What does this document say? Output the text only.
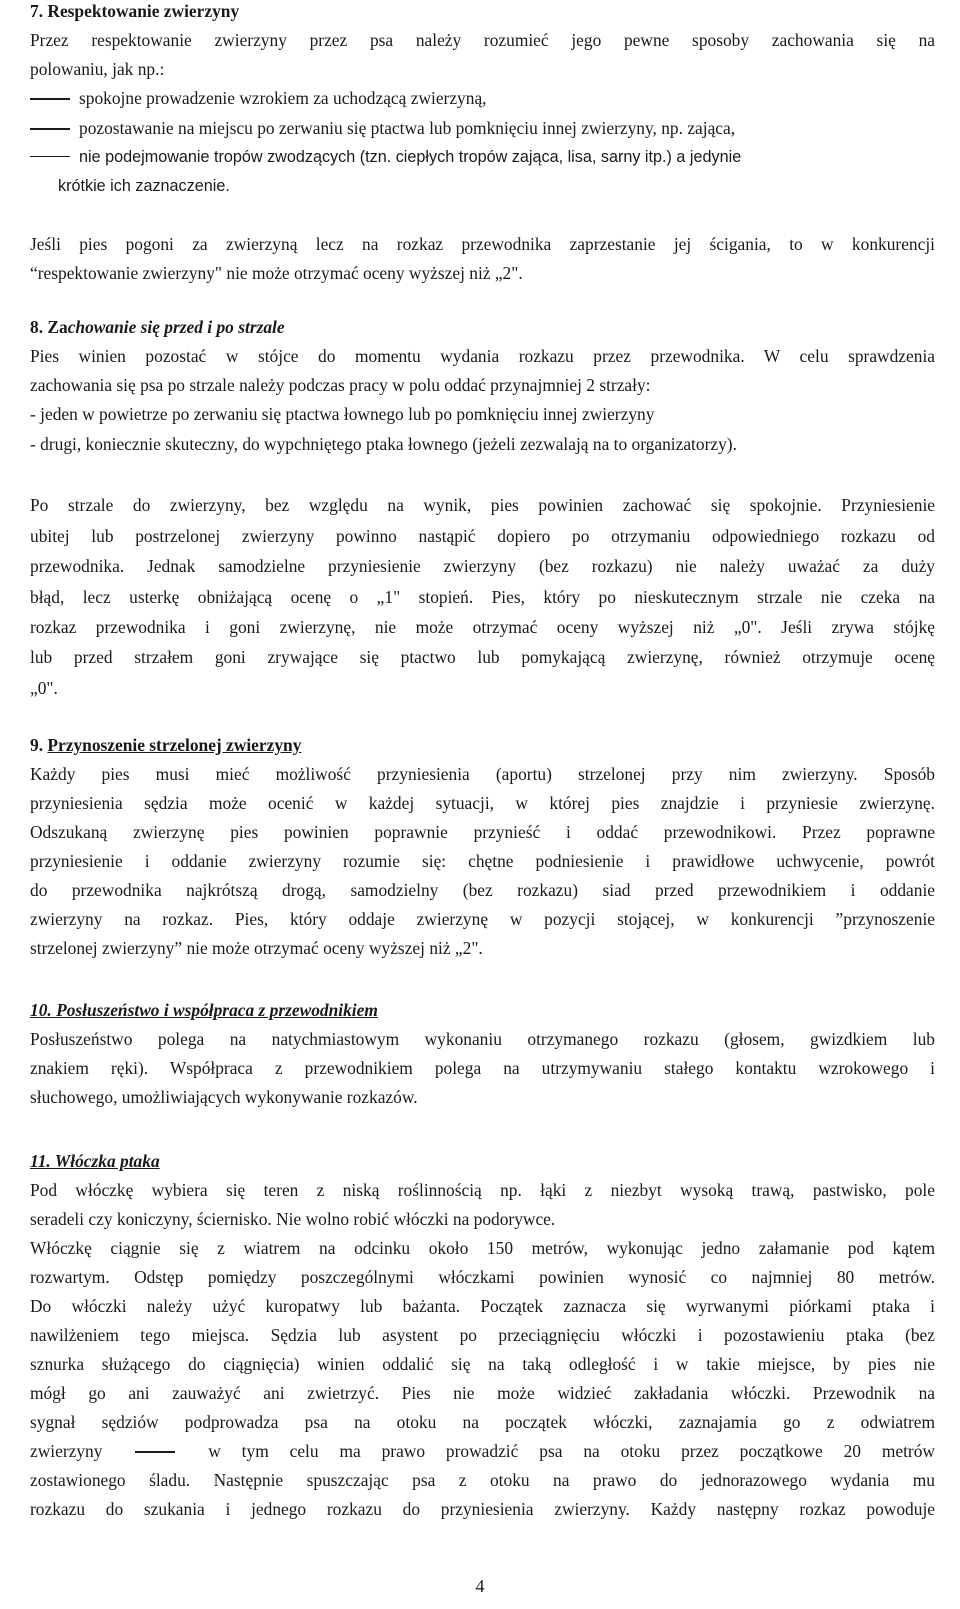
7. Respektowanie zwierzyny
Przez respektowanie zwierzyny przez psa należy rozumieć jego pewne sposoby zachowania się na
polowaniu, jak np.:
spokojne prowadzenie wzrokiem za uchodzącą zwierzyną,
pozostawanie na miejscu po zerwaniu się ptactwa lub pomknięciu innej zwierzyny, np. zająca,
nie podejmowanie tropów zwodzących (tzn. ciepłych tropów zająca, lisa, sarny itp.) a jedynie
krótkie ich zaznaczenie.
Jeśli pies pogoni za zwierzyną lecz na rozkaz przewodnika zaprzestanie jej ścigania, to w konkurencji
“respektowanie zwierzyny" nie może otrzymać oceny wyższej niż „2".
8. Zachowanie się przed i po strzale
Pies winien pozostać w stójce do momentu wydania rozkazu przez przewodnika. W celu sprawdzenia
zachowania się psa po strzale należy podczas pracy w polu oddać przynajmniej 2 strzały:
- jeden w powietrze po zerwaniu się ptactwa łownego lub po pomknięciu innej zwierzyny
- drugi, koniecznie skuteczny, do wypchniętego ptaka łownego (jeżeli zezwalają na to organizatorzy).
Po strzale do zwierzyny, bez względu na wynik, pies powinien zachować się spokojnie. Przyniesienie
ubitej lub postrzelonej zwierzyny powinno nastąpić dopiero po otrzymaniu odpowiedniego rozkazu od
przewodnika. Jednak samodzielne przyniesienie zwierzyny (bez rozkazu) nie należy uważać za duży
błąd, lecz usterkę obniżającą ocenę o „1" stopień. Pies, który po nieskutecznym strzale nie czeka na
rozkaz przewodnika i goni zwierzynę, nie może otrzymać oceny wyższej niż „0". Jeśli zrywa stójkę
lub przed strzałem goni zrywające się ptactwo lub pomykającą zwierzynę, również otrzymuje ocenę
„0".
9. Przynoszenie strzelonej zwierzyny
Każdy pies musi mieć możliwość przyniesienia (aportu) strzelonej przy nim zwierzyny. Sposób
przyniesienia sędzia może ocenić w każdej sytuacji, w której pies znajdzie i przyniesie zwierzynę.
Odszukaną zwierzynę pies powinien poprawnie przynieść i oddać przewodnikowi. Przez poprawne
przyniesienie i oddanie zwierzyny rozumie się: chętne podniesienie i prawidłowe uchwycenie, powrót
do przewodnika najkrótszą drogą, samodzielny (bez rozkazu) siad przed przewodnikiem i oddanie
zwierzyny na rozkaz. Pies, który oddaje zwierzynę w pozycji stojącej, w konkurencji ”przynoszenie
strzelonej zwierzyny” nie może otrzymać oceny wyższej niż „2".
10. Posłuszeństwo i współpraca z przewodnikiem
Posłuszeństwo polega na natychmiastowym wykonaniu otrzymanego rozkazu (głosem, gwizdkiem lub
znakiem ręki). Współpraca z przewodnikiem polega na utrzymywaniu stałego kontaktu wzrokowego i
słuchowego, umożliwiających wykonywanie rozkazów.
11. Włóczka ptaka
Pod włóczkę wybiera się teren z niską roślinnością np. łąki z niezbyt wysoką trawą, pastwisko, pole
seradeli czy koniczyny, ściernisko. Nie wolno robić włóczki na podorywce.
Włóczkę ciągnie się z wiatrem na odcinku około 150 metrów, wykonując jedno załamanie pod kątem
rozwartym. Odstęp pomiędzy poszczególnymi włóczkami powinien wynosić co najmniej 80 metrów.
Do włóczki należy użyć kuropatwy lub bażanta. Początek zaznacza się wyrwanymi piórkami ptaka i
nawilżeniem tego miejsca. Sędzia lub asystent po przeciągnięciu włóczki i pozostawieniu ptaka (bez
sznurka służącego do ciągnięcia) winien oddalić się na taką odległość i w takie miejsce, by pies nie
mógł go ani zauważyć ani zwietrzyć. Pies nie może widzieć zakładania włóczki. Przewodnik na
sygnał sędziów podprowadza psa na otoku na początek włóczki, zaznajamia go z odwiatrem
zwierzyny	w tym celu ma prawo prowadzić psa na otoku przez początkowe 20 metrów
zostawionego śladu. Następnie spuszczając psa z otoku na prawo do jednorazowego wydania mu
rozkazu do szukania i jednego rozkazu do przyniesienia zwierzyny. Każdy następny rozkaz powoduje
4
